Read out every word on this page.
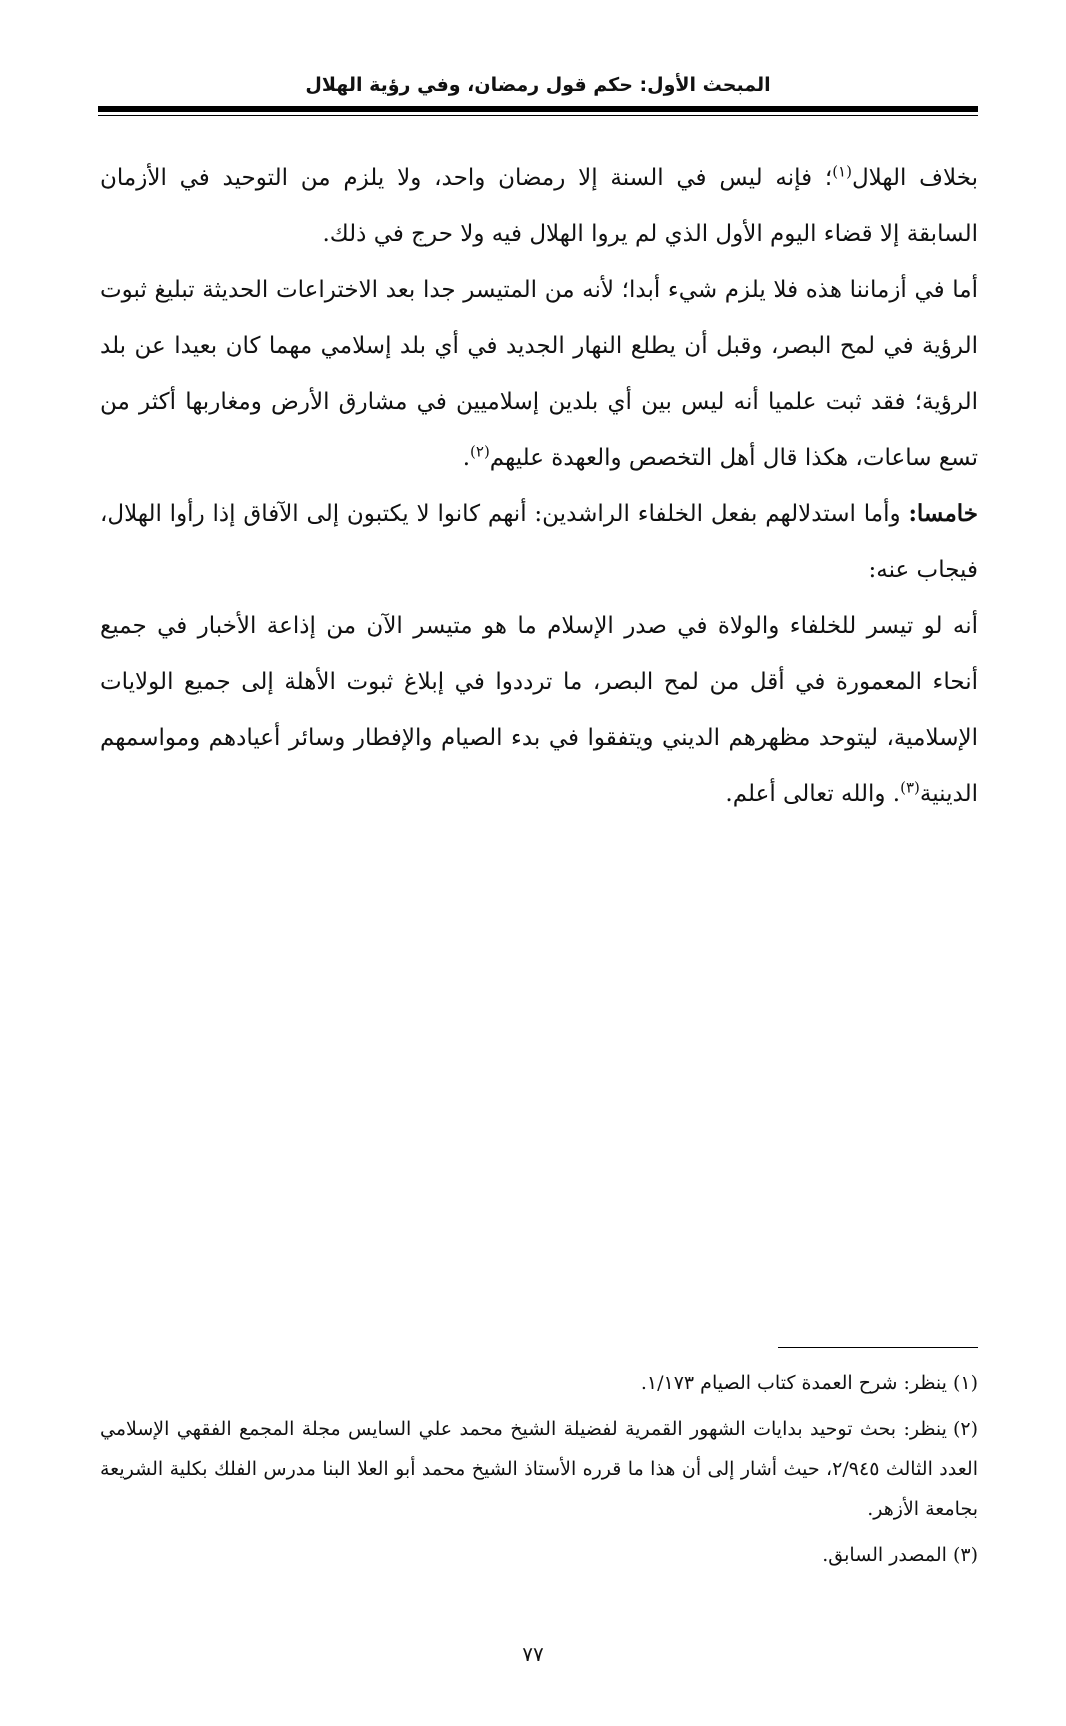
المبحث الأول: حكم قول رمضان، وفي رؤية الهلال

بخلاف الهلال$^{(١)}$؛ فإنه ليس في السنة إلا رمضان واحد، ولا يلزم من التوحيد في الأزمان السابقة إلا قضاء اليوم الأول الذي لم يروا الهلال فيه ولا حرج في ذلك.

أما في أزماننا هذه فلا يلزم شيء أبدا؛ لأنه من المتيسر جدا بعد الاختراعات الحديثة تبليغ ثبوت الرؤية في لمح البصر، وقبل أن يطلع النهار الجديد في أي بلد إسلامي مهما كان بعيدا عن بلد الرؤية؛ فقد ثبت علميا أنه ليس بين أي بلدين إسلاميين في مشارق الأرض ومغاربها أكثر من تسع ساعات، هكذا قال أهل التخصص والعهدة عليهم$^{(٢)}$.

خامسا: وأما استدلالهم بفعل الخلفاء الراشدين: أنهم كانوا لا يكتبون إلى الآفاق إذا رأوا الهلال، فيجاب عنه:

أنه لو تيسر للخلفاء والولاة في صدر الإسلام ما هو متيسر الآن من إذاعة الأخبار في جميع أنحاء المعمورة في أقل من لمح البصر، ما ترددوا في إبلاغ ثبوت الأهلة إلى جميع الولايات الإسلامية، ليتوحد مظهرهم الديني ويتفقوا في بدء الصيام والإفطار وسائر أعيادهم ومواسمهم الدينية$^{(٣)}$. والله تعالى أعلم.

(١)ينظر: شرح العمدة كتاب الصيام ١/١٧٣.

(٢)ينظر: بحث توحيد بدايات الشهور القمرية لفضيلة الشيخ محمد علي السايس مجلة المجمع الفقهي الإسلامي العدد الثالث ٢/٩٤٥، حيث أشار إلى أن هذا ما قرره الأستاذ الشيخ محمد أبو العلا البنا مدرس الفلك بكلية الشريعة بجامعة الأزهر.

(٣)المصدر السابق.

٧٧
